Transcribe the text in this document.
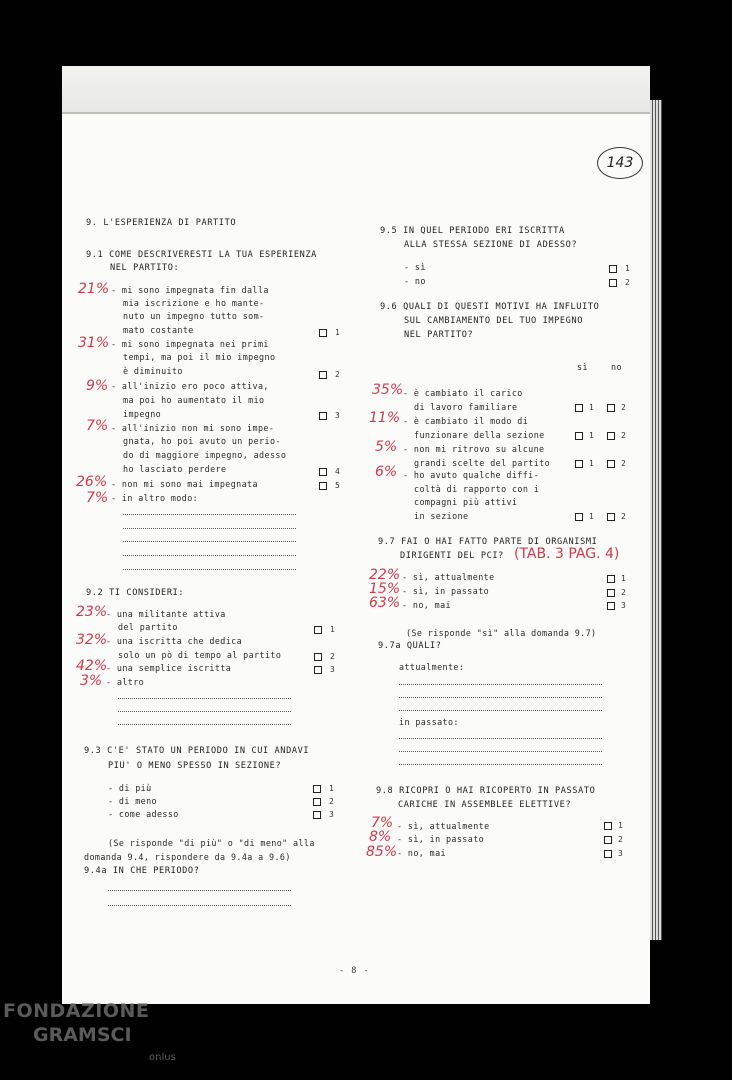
143
9. L'ESPERIENZA DI PARTITO
9.1 COME DESCRIVERESTI LA TUA ESPERIENZA
NEL PARTITO:
21% - mi sono impegnata fin dalla
mia iscrizione e ho mante-
nuto un impegno tutto som-
mato costante	1
31% - mi sono impegnata nei primi
tempi, ma poi il mio impegno
è diminuito	2
9% - all'inizio ero poco attiva,
ma poi ho aumentato il mio
impegno	3
7% - all'inizio non mi sono impe-
gnata, ho poi avuto un perio-
do di maggiore impegno, adesso
ho lasciato perdere	4
26% - non mi sono mai impegnata	5
7% - in altro modo:
9.2 TI CONSIDERI:
23%
- una militante attiva
del partito	1
32%
- una iscritta che dedica
solo un pò di tempo al partito	2
42%
- una semplice iscritta	3
3% - altro
9.3 C'E' STATO UN PERIODO IN CUI ANDAVI
PIU' O MENO SPESSO IN SEZIONE?
- di più	1
- di meno	2
- come adesso	3
(Se risponde "di più" o "di meno" alla
domanda 9.4, rispondere da 9.4a a 9.6)
9.4a IN CHE PERIODO?
9.5 IN QUEL PERIODO ERI ISCRITTA
ALLA STESSA SEZIONE DI ADESSO?
- sì	1
- no	2
9.6 QUALI DI QUESTI MOTIVI HA INFLUITO
SUL CAMBIAMENTO DEL TUO IMPEGNO
NEL PARTITO?
sì	no
35% - è cambiato il carico
di lavoro familiare	1	2
11% - è cambiato il modo di
funzionare della sezione	1	2
5% - non mi ritrovo su alcune
grandi scelte del partito	1	2
6% - ho avuto qualche diffi-
coltà di rapporto con i
compagni più attivi
in sezione	1	2
9.7 FAI O HAI FATTO PARTE DI ORGANISMI
DIRIGENTI DEL PCI? (TAB. 3 PAG. 4)
22% - sì, attualmente	1
15% - sì, in passato	2
63% - no, mai	3
(Se risponde "sì" alla domanda 9.7)
9.7a QUALI?
attualmente:
in passato:
9.8 RICOPRI O HAI RICOPERTO IN PASSATO
CARICHE IN ASSEMBLEE ELETTIVE?
7% - sì, attualmente	1
8% - sì, in passato	2
85% - no, mai	3
- 8 -
FONDAZIONE
GRAMSCI
onlus
